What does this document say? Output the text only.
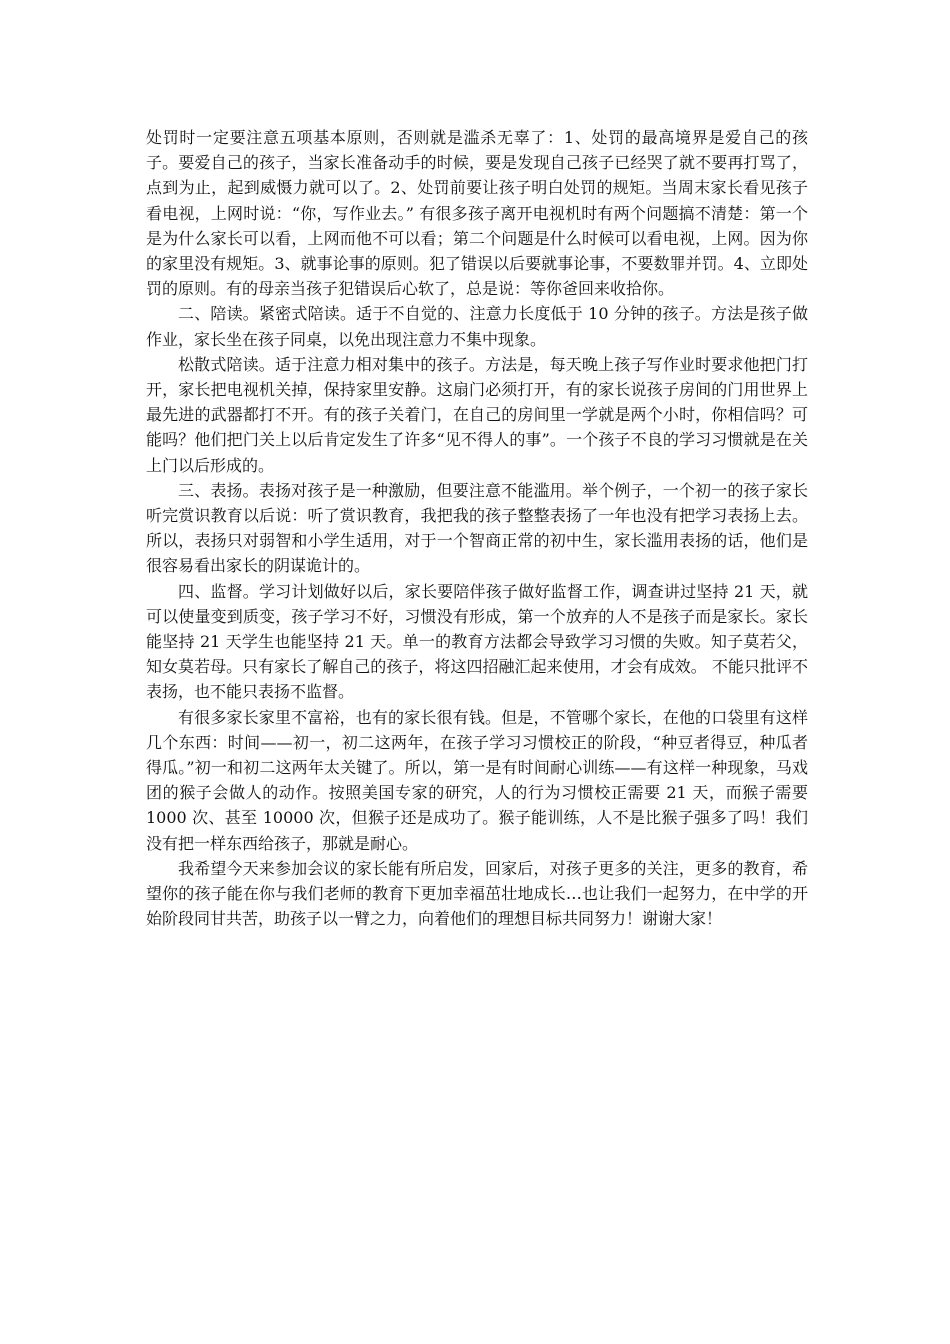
处罚时一定要注意五项基本原则，否则就是滥杀无辜了：1、处罚的最高境界是爱自己的孩子。要爱自己的孩子，当家长准备动手的时候，要是发现自己孩子已经哭了就不要再打骂了，点到为止，起到威慑力就可以了。2、处罚前要让孩子明白处罚的规矩。当周末家长看见孩子看电视，上网时说：“你，写作业去。” 有很多孩子离开电视机时有两个问题搞不清楚：第一个是为什么家长可以看，上网而他不可以看；第二个问题是什么时候可以看电视，上网。因为你的家里没有规矩。3、就事论事的原则。犯了错误以后要就事论事，不要数罪并罚。4、立即处罚的原则。有的母亲当孩子犯错误后心软了，总是说：等你爸回来收拾你。

二、陪读。紧密式陪读。适于不自觉的、注意力长度低于 10 分钟的孩子。方法是孩子做作业，家长坐在孩子同桌，以免出现注意力不集中现象。

松散式陪读。适于注意力相对集中的孩子。方法是，每天晚上孩子写作业时要求他把门打开，家长把电视机关掉，保持家里安静。这扇门必须打开，有的家长说孩子房间的门用世界上最先进的武器都打不开。有的孩子关着门，在自己的房间里一学就是两个小时，你相信吗？可能吗？他们把门关上以后肯定发生了许多“见不得人的事”。一个孩子不良的学习习惯就是在关上门以后形成的。

三、表扬。表扬对孩子是一种激励，但要注意不能滥用。举个例子，一个初一的孩子家长听完赏识教育以后说：听了赏识教育，我把我的孩子整整表扬了一年也没有把学习表扬上去。所以，表扬只对弱智和小学生适用，对于一个智商正常的初中生，家长滥用表扬的话，他们是很容易看出家长的阴谋诡计的。

四、监督。学习计划做好以后，家长要陪伴孩子做好监督工作，调查讲过坚持 21 天，就可以使量变到质变，孩子学习不好，习惯没有形成，第一个放弃的人不是孩子而是家长。家长能坚持 21 天学生也能坚持 21 天。单一的教育方法都会导致学习习惯的失败。知子莫若父，知女莫若母。只有家长了解自己的孩子，将这四招融汇起来使用，才会有成效。 不能只批评不表扬，也不能只表扬不监督。

有很多家长家里不富裕，也有的家长很有钱。但是，不管哪个家长，在他的口袋里有这样几个东西：时间——初一，初二这两年，在孩子学习习惯校正的阶段，“种豆者得豆，种瓜者得瓜。”初一和初二这两年太关键了。所以，第一是有时间耐心训练——有这样一种现象，马戏团的猴子会做人的动作。按照美国专家的研究，人的行为习惯校正需要 21 天，而猴子需要 1000 次、甚至 10000 次，但猴子还是成功了。猴子能训练，人不是比猴子强多了吗！我们没有把一样东西给孩子，那就是耐心。

我希望今天来参加会议的家长能有所启发，回家后，对孩子更多的关注，更多的教育，希望你的孩子能在你与我们老师的教育下更加幸福茁壮地成长…也让我们一起努力，在中学的开始阶段同甘共苦，助孩子以一臂之力，向着他们的理想目标共同努力！谢谢大家！
